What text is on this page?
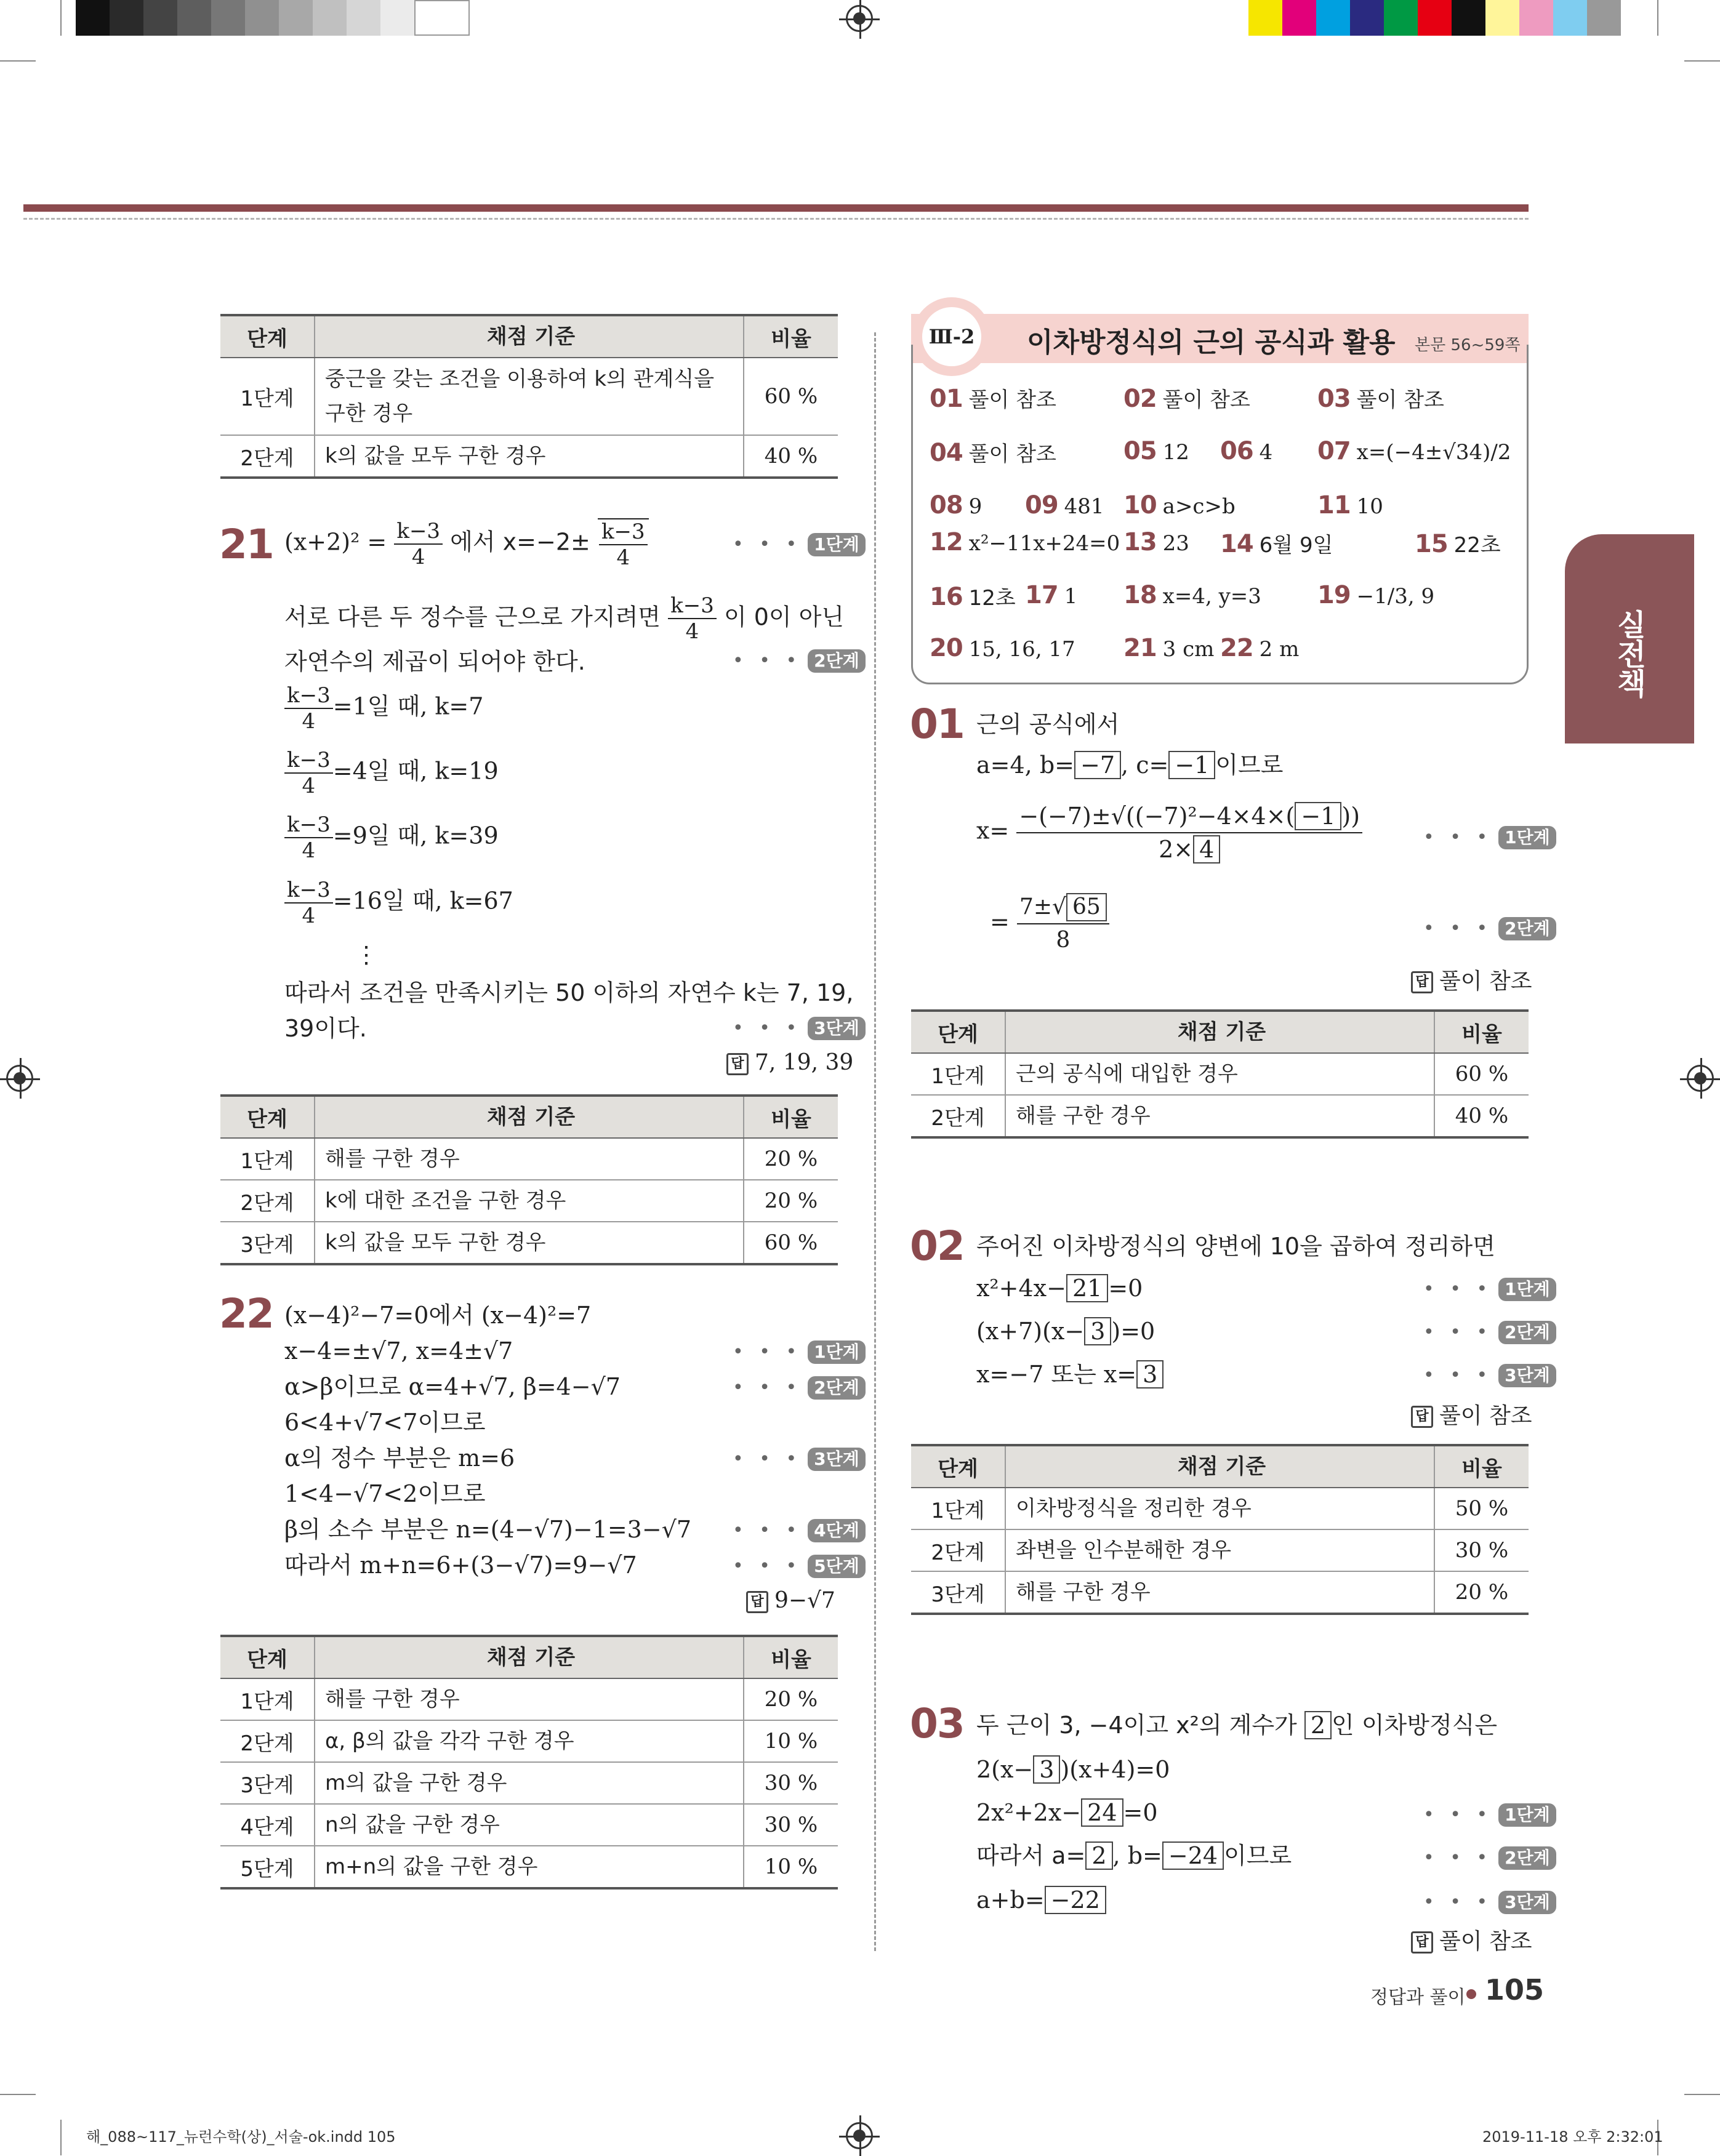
단계	채점 기준	비율
1단계	중근을 갖는 조건을 이용하여 k의 관계식을 구한 경우	60 %
2단계	k의 값을 모두 구한 경우	40 %
21 $(x+2)^2 = \frac{k-3}{4}$ 에서 $x=-2\pm \frac{k-3}{4}$	• • • 1단계
서로 다른 두 정수를 근으로 가지려면 $\frac{k-3}{4}$ 이 0이 아닌
자연수의 제곱이 되어야 한다.	• • • 2단계
$\frac{k-3}{4} =1$일 때, k=7
$\frac{k-3}{4} =4$일 때, k=19
$\frac{k-3}{4} =9$일 때, k=39
$\frac{k-3}{4} =16$일 때, k=67
⋮
따라서 조건을 만족시키는 50 이하의 자연수 k는 7, 19,
39이다.	• • • 3단계
답 7, 19, 39
단계	채점 기준	비율
1단계	해를 구한 경우	20 %
2단계	k에 대한 조건을 구한 경우	20 %
3단계	k의 값을 모두 구한 경우	60 %
22 (x−4)²−7=0에서 (x−4)²=7
x−4=±√7, x=4±√7	• • • 1단계
α>β이므로 α=4+√7, β=4−√7	• • • 2단계
6<4+√7<7이므로
α의 정수 부분은 m=6	• • • 3단계
1<4−√7<2이므로
β의 소수 부분은 n=(4−√7)−1=3−√7 • • • 4단계
따라서 m+n=6+(3−√7)=9−√7	• • • 5단계
답 9−√7
단계	채점 기준	비율
1단계	해를 구한 경우	20 %
2단계	α, β의 값을 각각 구한 경우	10 %
3단계	m의 값을 구한 경우	30 %
4단계	n의 값을 구한 경우	30 %
5단계	m+n의 값을 구한 경우	10 %
Ⅲ-2 이차방정식의 근의 공식과 활용 본문 56~59쪽
01 풀이 참조	02 풀이 참조	03 풀이 참조
04 풀이 참조	05 12 06 4 07 x=(−4±√34)/2
08 9 09 481 10 a>c>b	11 10
12 x²−11x+24=0 13 23 14 6월 9일	15 22초
16 12초 17 1 18 x=4, y=3 19 −1/3, 9
20 15, 16, 17 21 3 cm 22 2 m	실전책
01 근의 공식에서
a=4, b= −7 , c= −1 이므로
$x= \frac{\text{−(−7)±√((−7)²−4×4×( −1 ))}}{2\times 4}$	• • • 1단계
= $\frac{7\pm√ 65}{8}$	• • • 2단계
답 풀이 참조
단계	채점 기준	비율
1단계	근의 공식에 대입한 경우	60 %
2단계	해를 구한 경우	40 %
02 주어진 이차방정식의 양변에 10을 곱하여 정리하면
x²+4x− 21 =0	• • • 1단계
(x+7)(x− 3 )=0	• • • 2단계
x=−7 또는 x= 3	• • • 3단계
답 풀이 참조
단계	채점 기준	비율
1단계	이차방정식을 정리한 경우	50 %
2단계	좌변을 인수분해한 경우	30 %
3단계	해를 구한 경우	20 %
03 두 근이 3, −4이고 x²의 계수가 2 인 이차방정식은
2(x− 3 )(x+4)=0
2x²+2x− 24 =0	• • • 1단계
따라서 a= 2 , b= −24 이므로	• • • 2단계
a+b= −22	• • • 3단계
답 풀이 참조
정답과 풀이 105
해_088~117_뉴런수학(상)_서술-ok.indd 105	2019-11-18 오후 2:32:01
